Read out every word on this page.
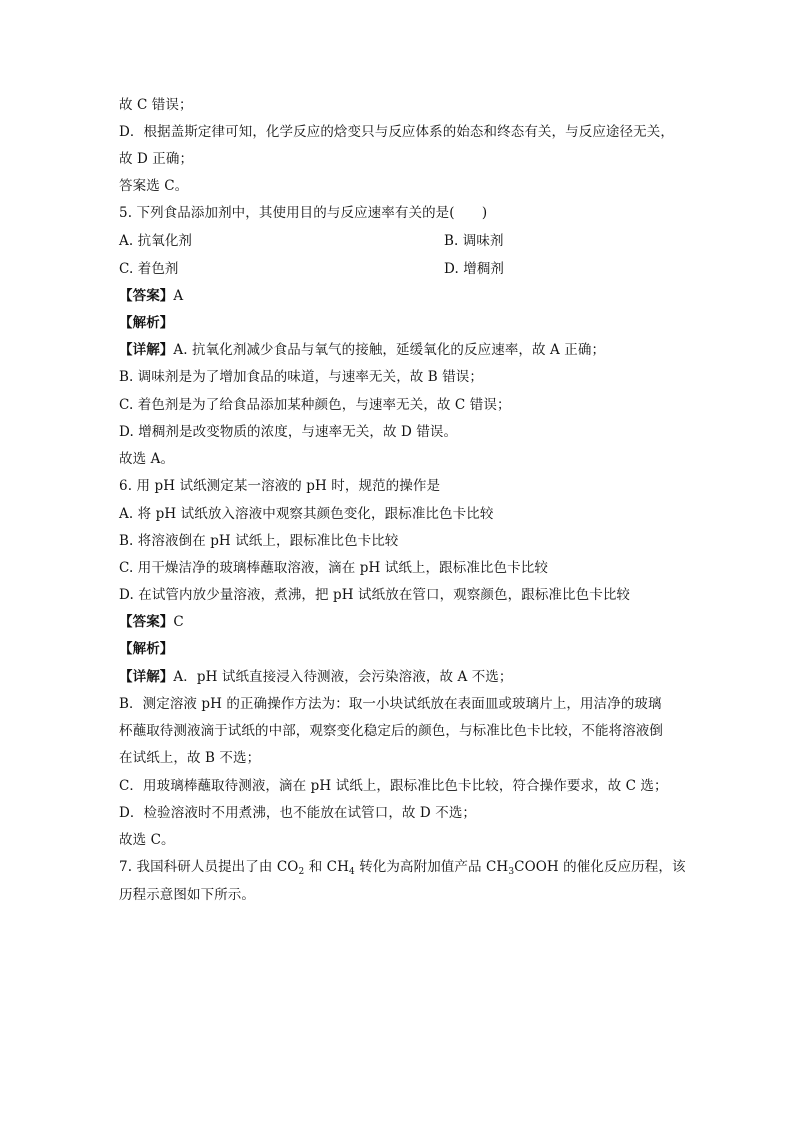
故 C 错误；
D．根据盖斯定律可知，化学反应的焓变只与反应体系的始态和终态有关，与反应途径无关，
故 D 正确；
答案选 C。
5. 下列食品添加剂中，其使用目的与反应速率有关的是(　　)
A. 抗氧化剂	B. 调味剂
C. 着色剂	D. 增稠剂
【答案】A
【解析】
【详解】A. 抗氧化剂减少食品与氧气的接触，延缓氧化的反应速率，故 A 正确；
B. 调味剂是为了增加食品的味道，与速率无关，故 B 错误；
C. 着色剂是为了给食品添加某种颜色，与速率无关，故 C 错误；
D. 增稠剂是改变物质的浓度，与速率无关，故 D 错误。
故选 A。
6. 用 pH 试纸测定某一溶液的 pH 时，规范的操作是
A. 将 pH 试纸放入溶液中观察其颜色变化，跟标准比色卡比较
B. 将溶液倒在 pH 试纸上，跟标准比色卡比较
C. 用干燥洁净的玻璃棒蘸取溶液，滴在 pH 试纸上，跟标准比色卡比较
D. 在试管内放少量溶液，煮沸，把 pH 试纸放在管口，观察颜色，跟标准比色卡比较
【答案】C
【解析】
【详解】A．pH 试纸直接浸入待测液，会污染溶液，故 A 不选；
B．测定溶液 pH 的正确操作方法为：取一小块试纸放在表面皿或玻璃片上，用洁净的玻璃
杯蘸取待测液滴于试纸的中部，观察变化稳定后的颜色，与标准比色卡比较，不能将溶液倒
在试纸上，故 B 不选；
C．用玻璃棒蘸取待测液，滴在 pH 试纸上，跟标准比色卡比较，符合操作要求，故 C 选；
D．检验溶液时不用煮沸，也不能放在试管口，故 D 不选；
故选 C。
7. 我国科研人员提出了由 $CO_2$ 和 $CH_4$ 转化为高附加值产品 $CH_3COOH$ 的催化反应历程，该
历程示意图如下所示。
